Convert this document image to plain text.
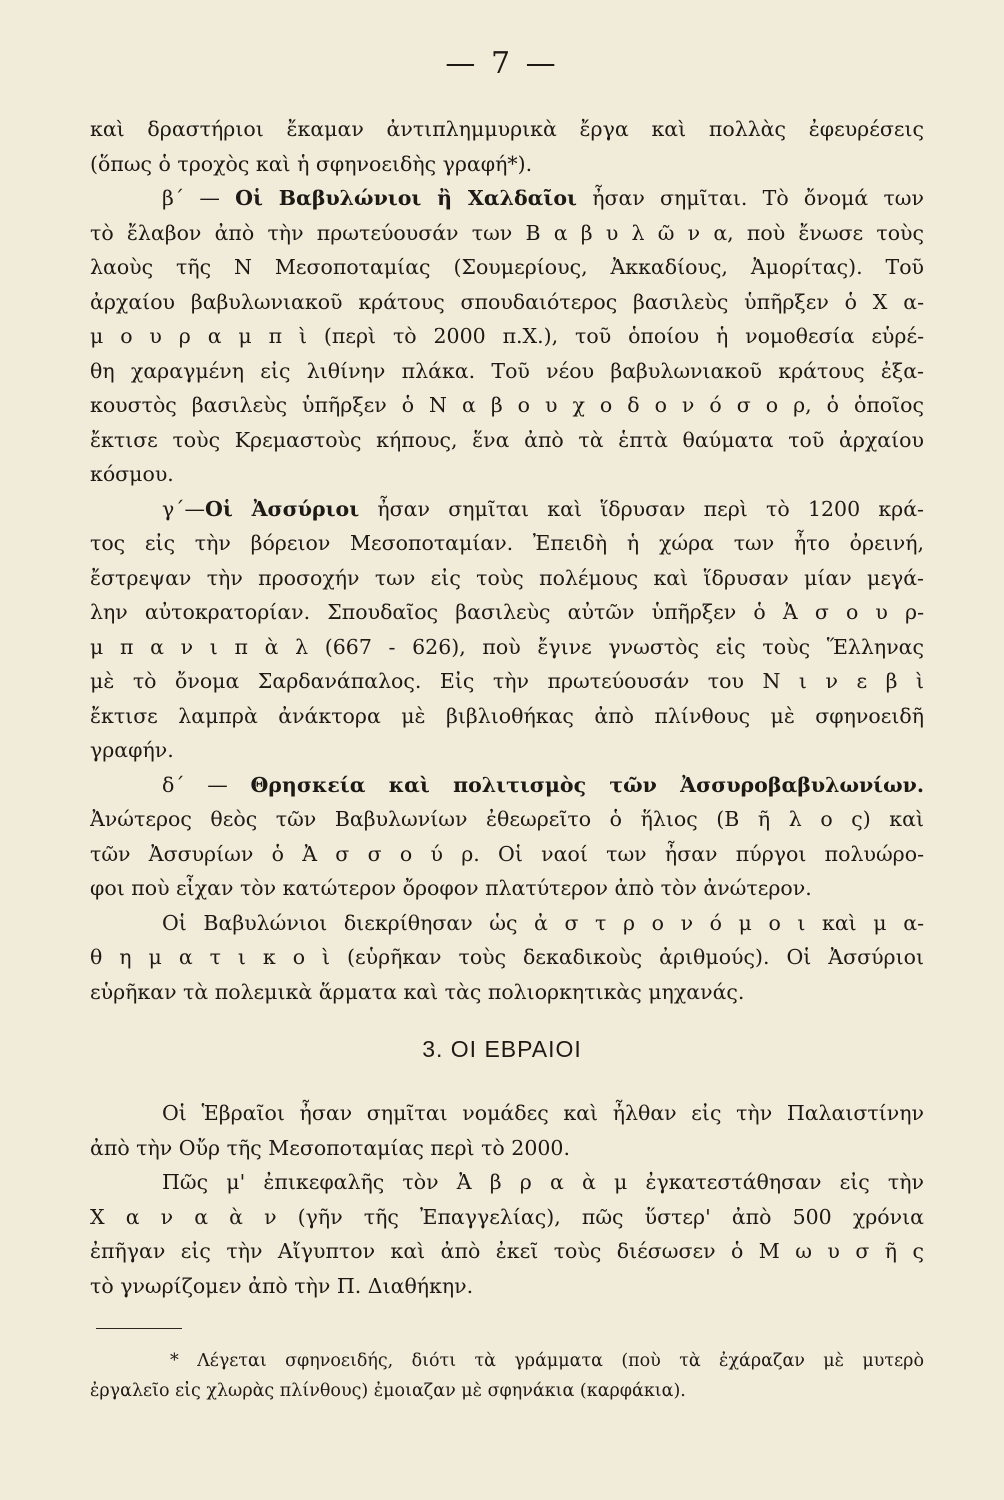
— 7 —
καὶ δραστήριοι ἔκαμαν ἀντιπλημμυρικὰ ἔργα καὶ πολλὰς ἐφευρέσεις
(ὅπως ὁ τροχὸς καὶ ἡ σφηνοειδὴς γραφή*).
β΄ — Οἱ Βαβυλώνιοι ἢ Χαλδαῖοι ἦσαν σημῖται. Τὸ ὄνομά των
τὸ ἔλαβον ἀπὸ τὴν πρωτεύουσάν των Β α β υ λ ῶ ν α, ποὺ ἔνωσε τοὺς
λαοὺς τῆς Ν Μεσοποταμίας (Σουμερίους, Ἀκκαδίους, Ἀμορίτας). Τοῦ
ἀρχαίου βαβυλωνιακοῦ κράτους σπουδαιότερος βασιλεὺς ὑπῆρξεν ὁ Χ α-
μ ο υ ρ α μ π ὶ (περὶ τὸ 2000 π.Χ.), τοῦ ὁποίου ἡ νομοθεσία εὑρέ-
θη χαραγμένη εἰς λιθίνην πλάκα. Τοῦ νέου βαβυλωνιακοῦ κράτους ἐξα-
κουστὸς βασιλεὺς ὑπῆρξεν ὁ Ν α β ο υ χ ο δ ο ν ό σ ο ρ, ὁ ὁποῖος
ἔκτισε τοὺς Κρεμαστοὺς κήπους, ἕνα ἀπὸ τὰ ἑπτὰ θαύματα τοῦ ἀρχαίου
κόσμου.
γ΄—Οἱ Ἀσσύριοι ἦσαν σημῖται καὶ ἵδρυσαν περὶ τὸ 1200 κρά-
τος εἰς τὴν βόρειον Μεσοποταμίαν. Ἐπειδὴ ἡ χώρα των ἦτο ὀρεινή,
ἔστρεψαν τὴν προσοχήν των εἰς τοὺς πολέμους καὶ ἵδρυσαν μίαν μεγά-
λην αὐτοκρατορίαν. Σπουδαῖος βασιλεὺς αὐτῶν ὑπῆρξεν ὁ Ἀ σ ο υ ρ-
μ π α ν ι π ὰ λ (667 - 626), ποὺ ἔγινε γνωστὸς εἰς τοὺς Ἕλληνας
μὲ τὸ ὄνομα Σαρδανάπαλος. Εἰς τὴν πρωτεύουσάν του Ν ι ν ε β ὶ
ἔκτισε λαμπρὰ ἀνάκτορα μὲ βιβλιοθήκας ἀπὸ πλίνθους μὲ σφηνοειδῆ
γραφήν.
δ΄ — Θρησκεία καὶ πολιτισμὸς τῶν Ἀσσυροβαβυλωνίων.
Ἀνώτερος θεὸς τῶν Βαβυλωνίων ἐθεωρεῖτο ὁ ἥλιος (Β ῆ λ ο ς) καὶ
τῶν Ἀσσυρίων ὁ Ἀ σ σ ο ύ ρ. Οἱ ναοί των ἦσαν πύργοι πολυώρο-
φοι ποὺ εἶχαν τὸν κατώτερον ὄροφον πλατύτερον ἀπὸ τὸν ἀνώτερον.
Οἱ Βαβυλώνιοι διεκρίθησαν ὡς ἀ σ τ ρ ο ν ό μ ο ι καὶ μ α-
θ η μ α τ ι κ ο ὶ (εὑρῆκαν τοὺς δεκαδικοὺς ἀριθμούς). Οἱ Ἀσσύριοι
εὑρῆκαν τὰ πολεμικὰ ἅρματα καὶ τὰς πολιορκητικὰς μηχανάς.
3. ΟΙ ΕΒΡΑΙΟΙ
Οἱ Ἑβραῖοι ἦσαν σημῖται νομάδες καὶ ἦλθαν εἰς τὴν Παλαιστίνην
ἀπὸ τὴν Οὔρ τῆς Μεσοποταμίας περὶ τὸ 2000.
Πῶς μ' ἐπικεφαλῆς τὸν Ἀ β ρ α ὰ μ ἐγκατεστάθησαν εἰς τὴν
Χ α ν α ὰ ν (γῆν τῆς Ἐπαγγελίας), πῶς ὕστερ' ἀπὸ 500 χρόνια
ἐπῆγαν εἰς τὴν Αἴγυπτον καὶ ἀπὸ ἐκεῖ τοὺς διέσωσεν ὁ Μ ω υ σ ῆ ς
τὸ γνωρίζομεν ἀπὸ τὴν Π. Διαθήκην.
* Λέγεται σφηνοειδής, διότι τὰ γράμματα (ποὺ τὰ ἐχάραζαν μὲ μυτερὸ
ἐργαλεῖο εἰς χλωρὰς πλίνθους) ἐμοιαζαν μὲ σφηνάκια (καρφάκια).
